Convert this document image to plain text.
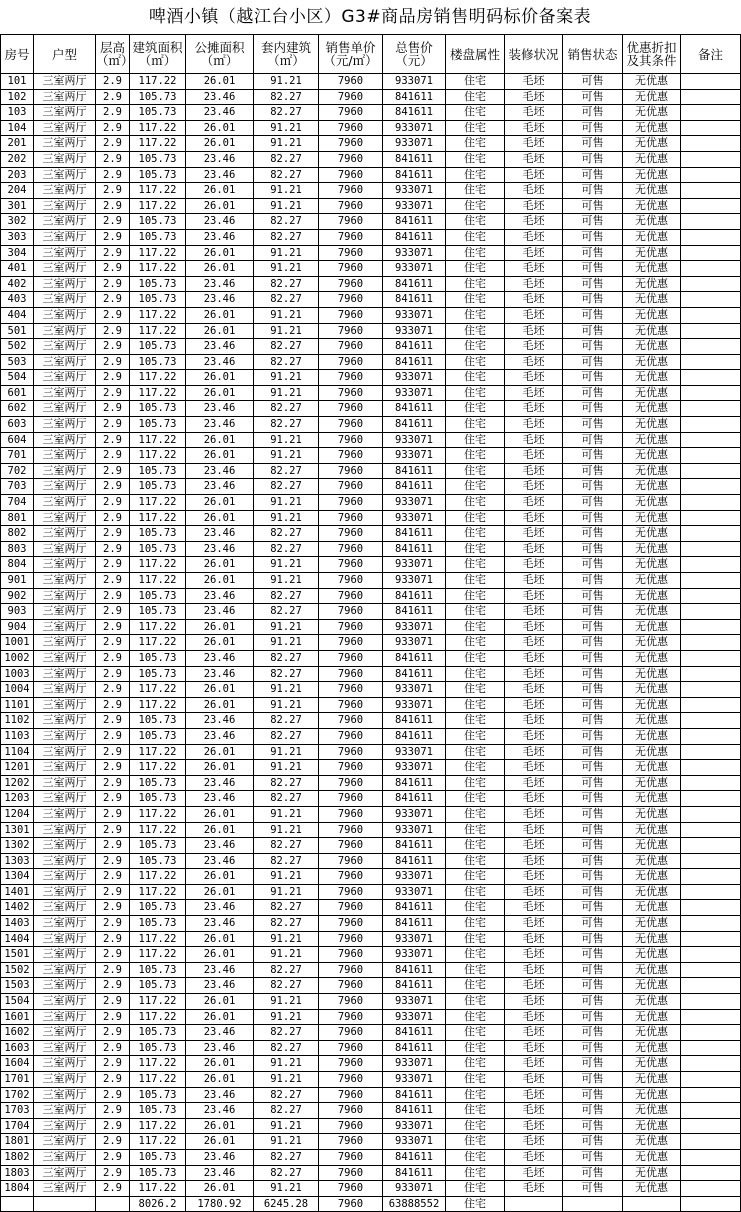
啤酒小镇（越江台小区）G3#商品房销售明码标价备案表
房号	户型	层高（㎡）	建筑面积（㎡）	公摊面积（㎡）	套内建筑（㎡）	销售单价（元/㎡）	总售价（元）	楼盘属性	装修状况	销售状态	优惠折扣及其条件	备注
101	三室两厅	2.9	117.22	26.01	91.21	7960	933071	住宅	毛坯	可售	无优惠	
102	三室两厅	2.9	105.73	23.46	82.27	7960	841611	住宅	毛坯	可售	无优惠	
103	三室两厅	2.9	105.73	23.46	82.27	7960	841611	住宅	毛坯	可售	无优惠	
104	三室两厅	2.9	117.22	26.01	91.21	7960	933071	住宅	毛坯	可售	无优惠	
201	三室两厅	2.9	117.22	26.01	91.21	7960	933071	住宅	毛坯	可售	无优惠	
202	三室两厅	2.9	105.73	23.46	82.27	7960	841611	住宅	毛坯	可售	无优惠	
203	三室两厅	2.9	105.73	23.46	82.27	7960	841611	住宅	毛坯	可售	无优惠	
204	三室两厅	2.9	117.22	26.01	91.21	7960	933071	住宅	毛坯	可售	无优惠	
301	三室两厅	2.9	117.22	26.01	91.21	7960	933071	住宅	毛坯	可售	无优惠	
302	三室两厅	2.9	105.73	23.46	82.27	7960	841611	住宅	毛坯	可售	无优惠	
303	三室两厅	2.9	105.73	23.46	82.27	7960	841611	住宅	毛坯	可售	无优惠	
304	三室两厅	2.9	117.22	26.01	91.21	7960	933071	住宅	毛坯	可售	无优惠	
401	三室两厅	2.9	117.22	26.01	91.21	7960	933071	住宅	毛坯	可售	无优惠	
402	三室两厅	2.9	105.73	23.46	82.27	7960	841611	住宅	毛坯	可售	无优惠	
403	三室两厅	2.9	105.73	23.46	82.27	7960	841611	住宅	毛坯	可售	无优惠	
404	三室两厅	2.9	117.22	26.01	91.21	7960	933071	住宅	毛坯	可售	无优惠	
501	三室两厅	2.9	117.22	26.01	91.21	7960	933071	住宅	毛坯	可售	无优惠	
502	三室两厅	2.9	105.73	23.46	82.27	7960	841611	住宅	毛坯	可售	无优惠	
503	三室两厅	2.9	105.73	23.46	82.27	7960	841611	住宅	毛坯	可售	无优惠	
504	三室两厅	2.9	117.22	26.01	91.21	7960	933071	住宅	毛坯	可售	无优惠	
601	三室两厅	2.9	117.22	26.01	91.21	7960	933071	住宅	毛坯	可售	无优惠	
602	三室两厅	2.9	105.73	23.46	82.27	7960	841611	住宅	毛坯	可售	无优惠	
603	三室两厅	2.9	105.73	23.46	82.27	7960	841611	住宅	毛坯	可售	无优惠	
604	三室两厅	2.9	117.22	26.01	91.21	7960	933071	住宅	毛坯	可售	无优惠	
701	三室两厅	2.9	117.22	26.01	91.21	7960	933071	住宅	毛坯	可售	无优惠	
702	三室两厅	2.9	105.73	23.46	82.27	7960	841611	住宅	毛坯	可售	无优惠	
703	三室两厅	2.9	105.73	23.46	82.27	7960	841611	住宅	毛坯	可售	无优惠	
704	三室两厅	2.9	117.22	26.01	91.21	7960	933071	住宅	毛坯	可售	无优惠	
801	三室两厅	2.9	117.22	26.01	91.21	7960	933071	住宅	毛坯	可售	无优惠	
802	三室两厅	2.9	105.73	23.46	82.27	7960	841611	住宅	毛坯	可售	无优惠	
803	三室两厅	2.9	105.73	23.46	82.27	7960	841611	住宅	毛坯	可售	无优惠	
804	三室两厅	2.9	117.22	26.01	91.21	7960	933071	住宅	毛坯	可售	无优惠	
901	三室两厅	2.9	117.22	26.01	91.21	7960	933071	住宅	毛坯	可售	无优惠	
902	三室两厅	2.9	105.73	23.46	82.27	7960	841611	住宅	毛坯	可售	无优惠	
903	三室两厅	2.9	105.73	23.46	82.27	7960	841611	住宅	毛坯	可售	无优惠	
904	三室两厅	2.9	117.22	26.01	91.21	7960	933071	住宅	毛坯	可售	无优惠	
1001	三室两厅	2.9	117.22	26.01	91.21	7960	933071	住宅	毛坯	可售	无优惠	
1002	三室两厅	2.9	105.73	23.46	82.27	7960	841611	住宅	毛坯	可售	无优惠	
1003	三室两厅	2.9	105.73	23.46	82.27	7960	841611	住宅	毛坯	可售	无优惠	
1004	三室两厅	2.9	117.22	26.01	91.21	7960	933071	住宅	毛坯	可售	无优惠	
1101	三室两厅	2.9	117.22	26.01	91.21	7960	933071	住宅	毛坯	可售	无优惠	
1102	三室两厅	2.9	105.73	23.46	82.27	7960	841611	住宅	毛坯	可售	无优惠	
1103	三室两厅	2.9	105.73	23.46	82.27	7960	841611	住宅	毛坯	可售	无优惠	
1104	三室两厅	2.9	117.22	26.01	91.21	7960	933071	住宅	毛坯	可售	无优惠	
1201	三室两厅	2.9	117.22	26.01	91.21	7960	933071	住宅	毛坯	可售	无优惠	
1202	三室两厅	2.9	105.73	23.46	82.27	7960	841611	住宅	毛坯	可售	无优惠	
1203	三室两厅	2.9	105.73	23.46	82.27	7960	841611	住宅	毛坯	可售	无优惠	
1204	三室两厅	2.9	117.22	26.01	91.21	7960	933071	住宅	毛坯	可售	无优惠	
1301	三室两厅	2.9	117.22	26.01	91.21	7960	933071	住宅	毛坯	可售	无优惠	
1302	三室两厅	2.9	105.73	23.46	82.27	7960	841611	住宅	毛坯	可售	无优惠	
1303	三室两厅	2.9	105.73	23.46	82.27	7960	841611	住宅	毛坯	可售	无优惠	
1304	三室两厅	2.9	117.22	26.01	91.21	7960	933071	住宅	毛坯	可售	无优惠	
1401	三室两厅	2.9	117.22	26.01	91.21	7960	933071	住宅	毛坯	可售	无优惠	
1402	三室两厅	2.9	105.73	23.46	82.27	7960	841611	住宅	毛坯	可售	无优惠	
1403	三室两厅	2.9	105.73	23.46	82.27	7960	841611	住宅	毛坯	可售	无优惠	
1404	三室两厅	2.9	117.22	26.01	91.21	7960	933071	住宅	毛坯	可售	无优惠	
1501	三室两厅	2.9	117.22	26.01	91.21	7960	933071	住宅	毛坯	可售	无优惠	
1502	三室两厅	2.9	105.73	23.46	82.27	7960	841611	住宅	毛坯	可售	无优惠	
1503	三室两厅	2.9	105.73	23.46	82.27	7960	841611	住宅	毛坯	可售	无优惠	
1504	三室两厅	2.9	117.22	26.01	91.21	7960	933071	住宅	毛坯	可售	无优惠	
1601	三室两厅	2.9	117.22	26.01	91.21	7960	933071	住宅	毛坯	可售	无优惠	
1602	三室两厅	2.9	105.73	23.46	82.27	7960	841611	住宅	毛坯	可售	无优惠	
1603	三室两厅	2.9	105.73	23.46	82.27	7960	841611	住宅	毛坯	可售	无优惠	
1604	三室两厅	2.9	117.22	26.01	91.21	7960	933071	住宅	毛坯	可售	无优惠	
1701	三室两厅	2.9	117.22	26.01	91.21	7960	933071	住宅	毛坯	可售	无优惠	
1702	三室两厅	2.9	105.73	23.46	82.27	7960	841611	住宅	毛坯	可售	无优惠	
1703	三室两厅	2.9	105.73	23.46	82.27	7960	841611	住宅	毛坯	可售	无优惠	
1704	三室两厅	2.9	117.22	26.01	91.21	7960	933071	住宅	毛坯	可售	无优惠	
1801	三室两厅	2.9	117.22	26.01	91.21	7960	933071	住宅	毛坯	可售	无优惠	
1802	三室两厅	2.9	105.73	23.46	82.27	7960	841611	住宅	毛坯	可售	无优惠	
1803	三室两厅	2.9	105.73	23.46	82.27	7960	841611	住宅	毛坯	可售	无优惠	
1804	三室两厅	2.9	117.22	26.01	91.21	7960	933071	住宅	毛坯	可售	无优惠	
			8026.2	1780.92	6245.28	7960	63888552	住宅				
